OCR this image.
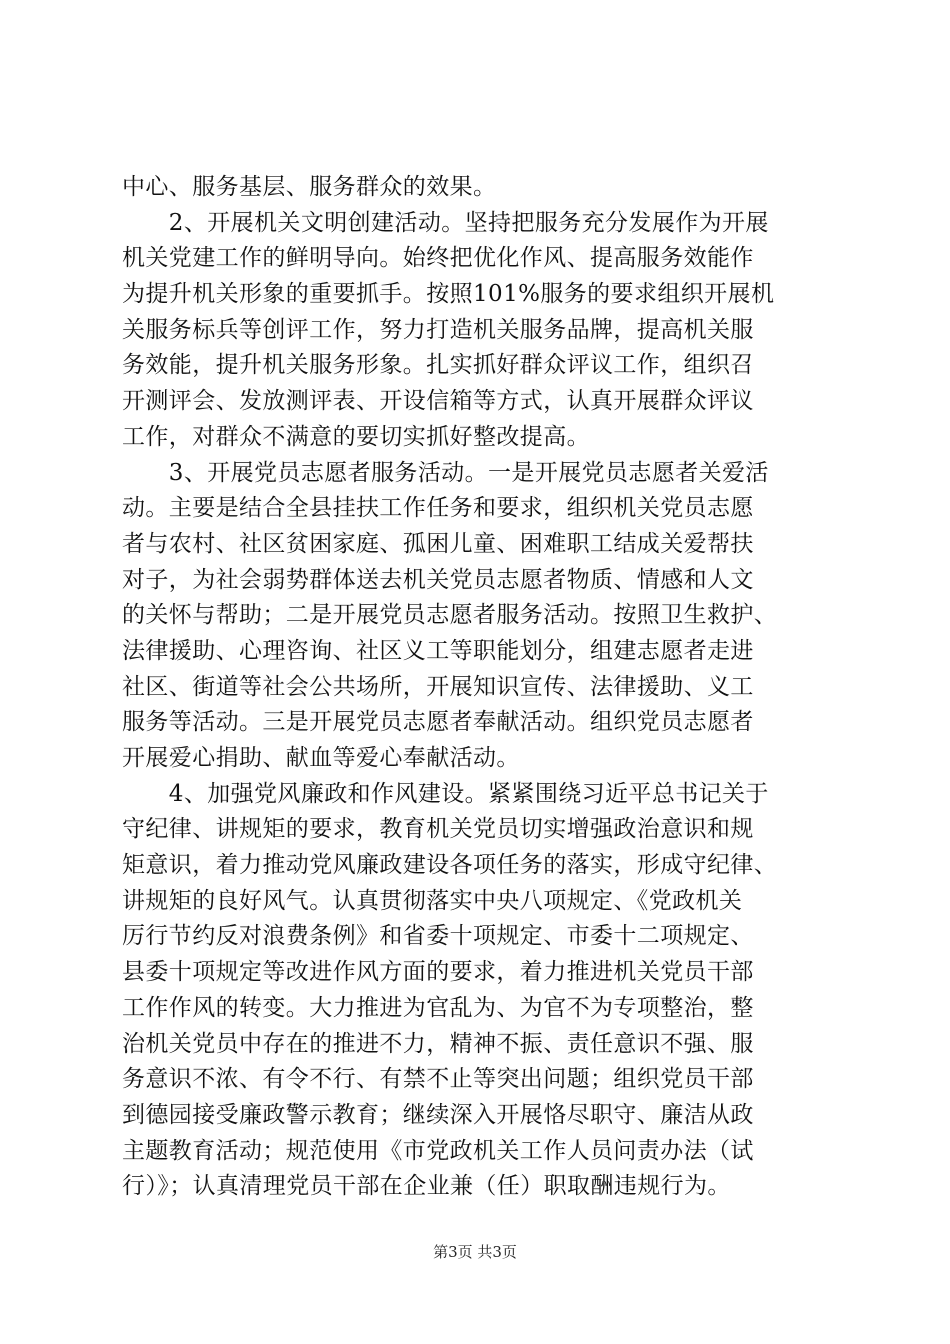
中心、服务基层、服务群众的效果。
　　2、开展机关文明创建活动。坚持把服务充分发展作为开展
机关党建工作的鲜明导向。始终把优化作风、提高服务效能作
为提升机关形象的重要抓手。按照101%服务的要求组织开展机
关服务标兵等创评工作，努力打造机关服务品牌，提高机关服
务效能，提升机关服务形象。扎实抓好群众评议工作，组织召
开测评会、发放测评表、开设信箱等方式，认真开展群众评议
工作，对群众不满意的要切实抓好整改提高。
　　3、开展党员志愿者服务活动。一是开展党员志愿者关爱活
动。主要是结合全县挂扶工作任务和要求，组织机关党员志愿
者与农村、社区贫困家庭、孤困儿童、困难职工结成关爱帮扶
对子，为社会弱势群体送去机关党员志愿者物质、情感和人文
的关怀与帮助；二是开展党员志愿者服务活动。按照卫生救护、
法律援助、心理咨询、社区义工等职能划分，组建志愿者走进
社区、街道等社会公共场所，开展知识宣传、法律援助、义工
服务等活动。三是开展党员志愿者奉献活动。组织党员志愿者
开展爱心捐助、献血等爱心奉献活动。
　　4、加强党风廉政和作风建设。紧紧围绕习近平总书记关于
守纪律、讲规矩的要求，教育机关党员切实增强政治意识和规
矩意识，着力推动党风廉政建设各项任务的落实，形成守纪律、
讲规矩的良好风气。认真贯彻落实中央八项规定、《党政机关
厉行节约反对浪费条例》和省委十项规定、市委十二项规定、
县委十项规定等改进作风方面的要求，着力推进机关党员干部
工作作风的转变。大力推进为官乱为、为官不为专项整治，整
治机关党员中存在的推进不力，精神不振、责任意识不强、服
务意识不浓、有令不行、有禁不止等突出问题；组织党员干部
到德园接受廉政警示教育；继续深入开展恪尽职守、廉洁从政
主题教育活动；规范使用《市党政机关工作人员问责办法（试
行）》；认真清理党员干部在企业兼（任）职取酬违规行为。
第3页 共3页
